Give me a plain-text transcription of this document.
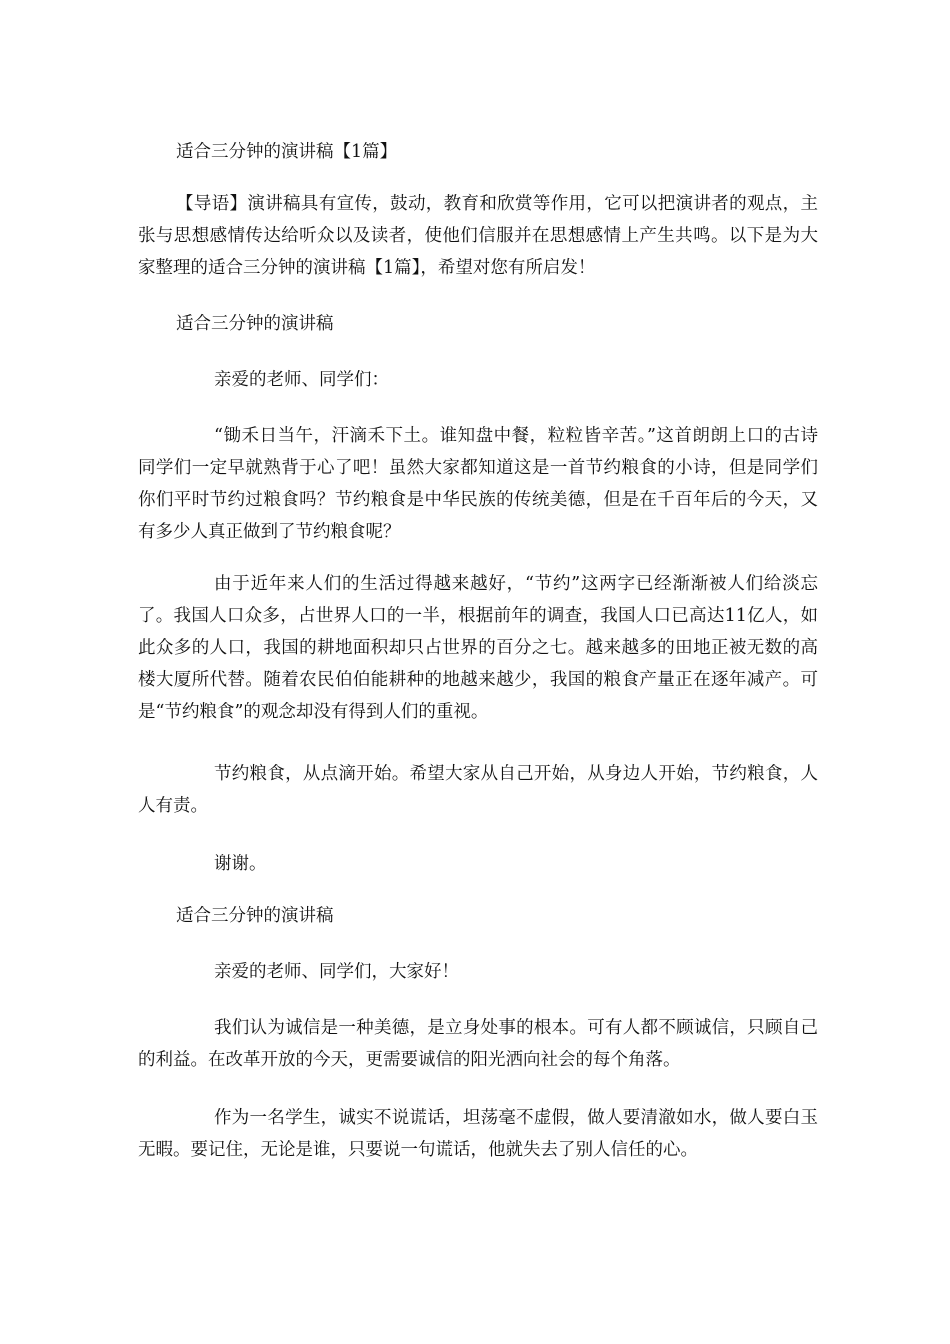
适合三分钟的演讲稿【1篇】

【导语】演讲稿具有宣传，鼓动，教育和欣赏等作用，它可以把演讲者的观点，主张与思想感情传达给听众以及读者，使他们信服并在思想感情上产生共鸣。以下是为大家整理的适合三分钟的演讲稿【1篇】，希望对您有所启发！

适合三分钟的演讲稿

亲爱的老师、同学们：

“锄禾日当午，汗滴禾下土。谁知盘中餐，粒粒皆辛苦。”这首朗朗上口的古诗同学们一定早就熟背于心了吧！虽然大家都知道这是一首节约粮食的小诗，但是同学们你们平时节约过粮食吗？节约粮食是中华民族的传统美德，但是在千百年后的今天，又有多少人真正做到了节约粮食呢？

由于近年来人们的生活过得越来越好，“节约”这两字已经渐渐被人们给淡忘了。我国人口众多，占世界人口的一半，根据前年的调查，我国人口已高达11亿人，如此众多的人口，我国的耕地面积却只占世界的百分之七。越来越多的田地正被无数的高楼大厦所代替。随着农民伯伯能耕种的地越来越少，我国的粮食产量正在逐年减产。可是“节约粮食”的观念却没有得到人们的重视。

节约粮食，从点滴开始。希望大家从自己开始，从身边人开始，节约粮食，人人有责。

谢谢。

适合三分钟的演讲稿

亲爱的老师、同学们，大家好！

我们认为诚信是一种美德，是立身处事的根本。可有人都不顾诚信，只顾自己的利益。在改革开放的今天，更需要诚信的阳光洒向社会的每个角落。

作为一名学生，诚实不说谎话，坦荡毫不虚假，做人要清澈如水，做人要白玉无暇。要记住，无论是谁，只要说一句谎话，他就失去了别人信任的心。
